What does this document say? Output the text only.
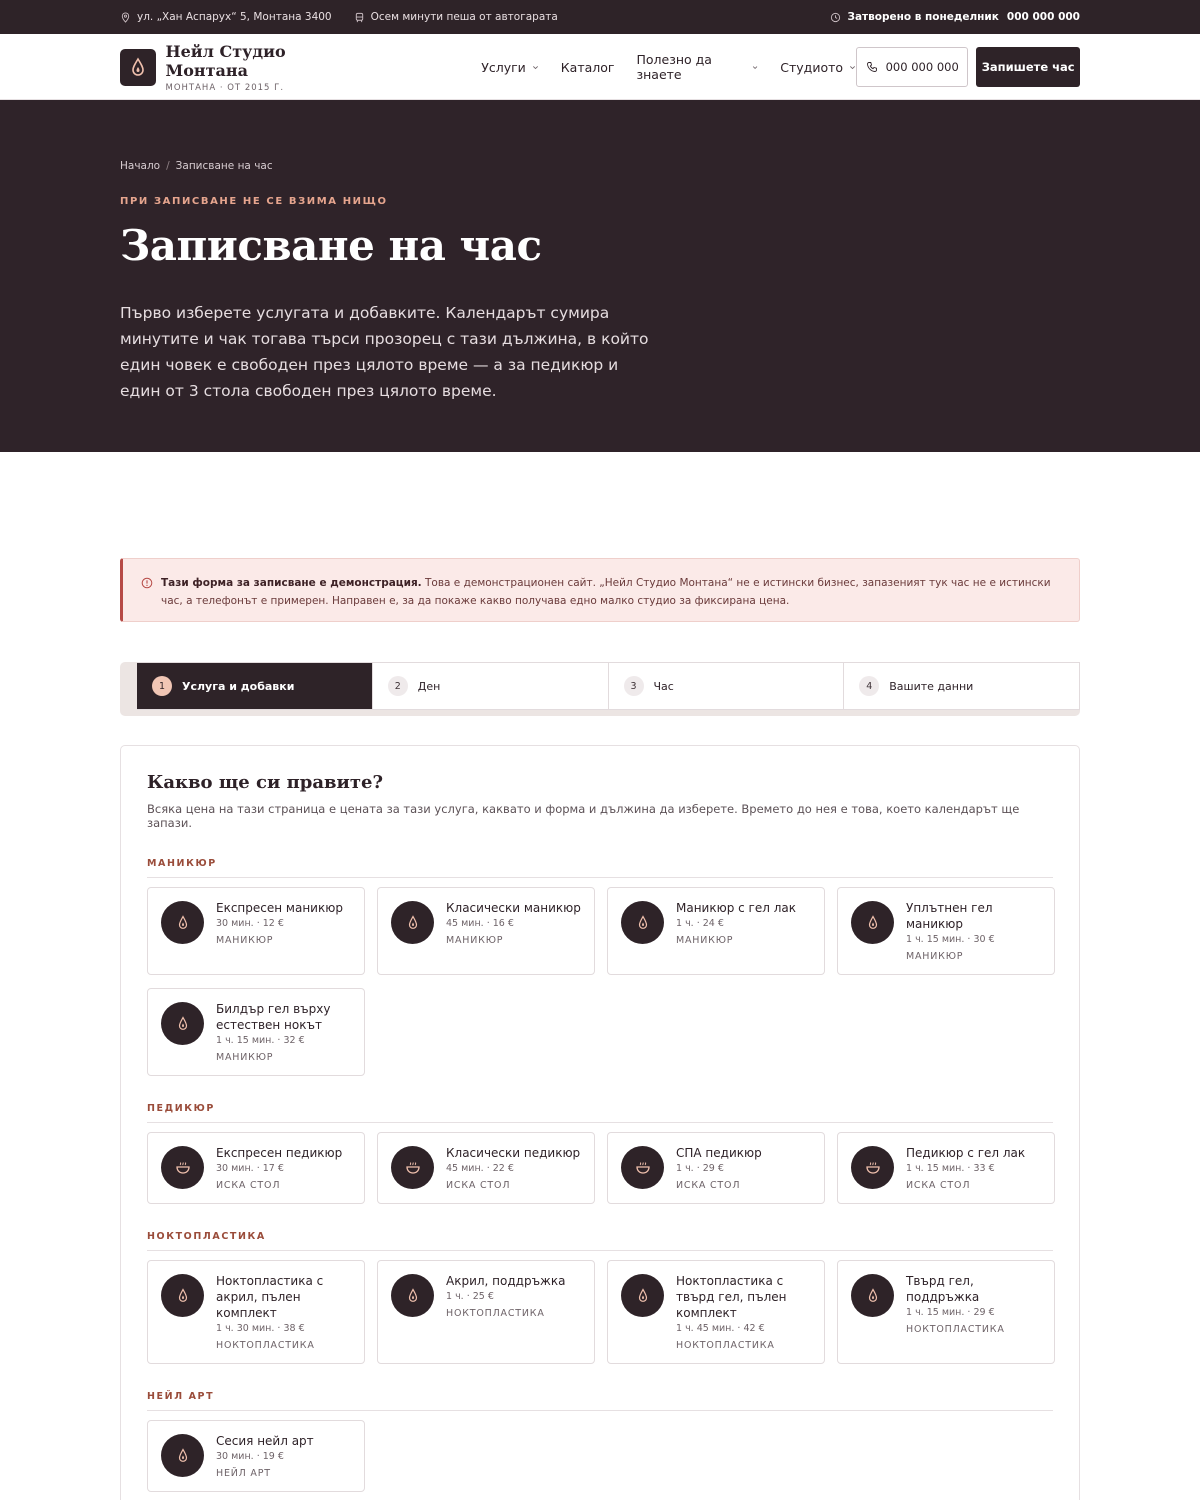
ул. „Хан Аспарух“ 5, Монтана 3400	Осем минути пеша от автогарата	Затворено в понеделник 000 000 000
Нейл Студио Монтана
МОНТАНА · ОТ 2015 Г.
Услуги	Каталог Полезно да знаете	Студиото	000 000 000	Запишете час
Начало / Записване на час
ПРИ ЗАПИСВАНЕ НЕ СЕ ВЗИМА НИЩО
Записване на час

Първо изберете услугата и добавките. Календарът сумира минутите и чак тогава търси прозорец с тази дължина, в който един човек е свободен през цялото време — а за педикюр и един от 3 стола свободен през цялото време.

Тази форма за записване е демонстрация. Това е демонстрационен сайт. „Нейл Студио Монтана“ не е истински бизнес, запазеният тук час не е истински час, а телефонът е примерен. Направен е, за да покаже какво получава едно малко студио за фиксирана цена.
1	Услуга и добавки	2	Ден	3	Час	4	Вашите данни
Какво ще си правите?

Всяка цена на тази страница е цената за тази услуга, каквато и форма и дължина да изберете. Времето до нея е това, което календарът ще запази.

МАНИКЮР
Експресен маникюр
30 мин. · 12 €
МАНИКЮР
Класически маникюр
45 мин. · 16 €
МАНИКЮР
Маникюр с гел лак
1 ч. · 24 €
МАНИКЮР
Уплътнен гел маникюр
1 ч. 15 мин. · 30 €
МАНИКЮР
Билдър гел върху естествен нокът
1 ч. 15 мин. · 32 €
МАНИКЮР
ПЕДИКЮР
Експресен педикюр
30 мин. · 17 €
ИСКА СТОЛ
Класически педикюр
45 мин. · 22 €
ИСКА СТОЛ
СПА педикюр
1 ч. · 29 €
ИСКА СТОЛ
Педикюр с гел лак
1 ч. 15 мин. · 33 €
ИСКА СТОЛ
НОКТОПЛАСТИКА
Ноктопластика с акрил, пълен комплект
1 ч. 30 мин. · 38 €
НОКТОПЛАСТИКА
Акрил, поддръжка
1 ч. · 25 €
НОКТОПЛАСТИКА
Ноктопластика с твърд гел, пълен комплект
1 ч. 45 мин. · 42 €
НОКТОПЛАСТИКА
Твърд гел, поддръжка
1 ч. 15 мин. · 29 €
НОКТОПЛАСТИКА
НЕЙЛ АРТ
Сесия нейл арт
30 мин. · 19 €
НЕЙЛ АРТ
